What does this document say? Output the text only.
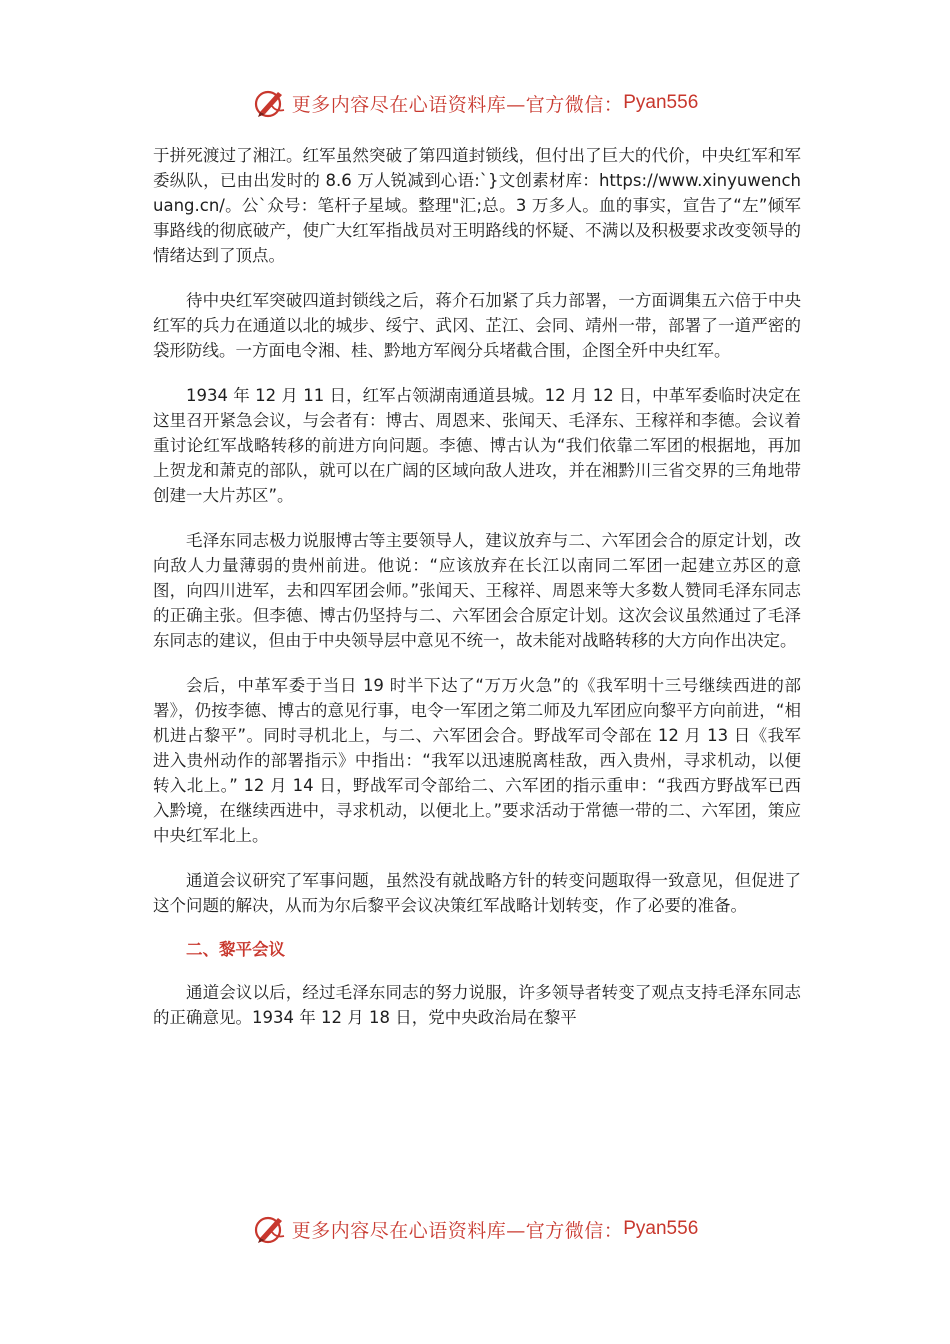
更多内容尽在心语资料库—官方微信： Pyan556

于拼死渡过了湘江。红军虽然突破了第四道封锁线，但付出了巨大的代价，中央红军和军委纵队，已由出发时的 8.6 万人锐减到心语:`}文创素材库：https://www.xinyuwenchuang.cn/。公`众号：笔杆子星域。整理"汇;总。3 万多人。血的事实，宣告了“左”倾军事路线的彻底破产，使广大红军指战员对王明路线的怀疑、不满以及积极要求改变领导的情绪达到了顶点。

待中央红军突破四道封锁线之后，蒋介石加紧了兵力部署，一方面调集五六倍于中央红军的兵力在通道以北的城步、绥宁、武冈、芷江、会同、靖州一带，部署了一道严密的袋形防线。一方面电令湘、桂、黔地方军阀分兵堵截合围，企图全歼中央红军。

1934 年 12 月 11 日，红军占领湖南通道县城。12 月 12 日，中革军委临时决定在这里召开紧急会议，与会者有：博古、周恩来、张闻天、毛泽东、王稼祥和李德。会议着重讨论红军战略转移的前进方向问题。李德、博古认为“我们依靠二军团的根据地，再加上贺龙和萧克的部队，就可以在广阔的区域向敌人进攻，并在湘黔川三省交界的三角地带创建一大片苏区”。

毛泽东同志极力说服博古等主要领导人，建议放弃与二、六军团会合的原定计划，改向敌人力量薄弱的贵州前进。他说：“应该放弃在长江以南同二军团一起建立苏区的意图，向四川进军，去和四军团会师。”张闻天、王稼祥、周恩来等大多数人赞同毛泽东同志的正确主张。但李德、博古仍坚持与二、六军团会合原定计划。这次会议虽然通过了毛泽东同志的建议，但由于中央领导层中意见不统一，故未能对战略转移的大方向作出决定。

会后，中革军委于当日 19 时半下达了“万万火急”的《我军明十三号继续西进的部署》，仍按李德、博古的意见行事，电令一军团之第二师及九军团应向黎平方向前进，“相机进占黎平”。同时寻机北上，与二、六军团会合。野战军司令部在 12 月 13 日《我军进入贵州动作的部署指示》中指出：“我军以迅速脱离桂敌，西入贵州，寻求机动，以便转入北上。” 12 月 14 日，野战军司令部给二、六军团的指示重申：“我西方野战军已西入黔境，在继续西进中，寻求机动，以便北上。”要求活动于常德一带的二、六军团，策应中央红军北上。

通道会议研究了军事问题，虽然没有就战略方针的转变问题取得一致意见，但促进了这个问题的解决，从而为尔后黎平会议决策红军战略计划转变，作了必要的准备。

二、黎平会议

通道会议以后，经过毛泽东同志的努力说服，许多领导者转变了观点支持毛泽东同志的正确意见。1934 年 12 月 18 日，党中央政治局在黎平

更多内容尽在心语资料库—官方微信： Pyan556
